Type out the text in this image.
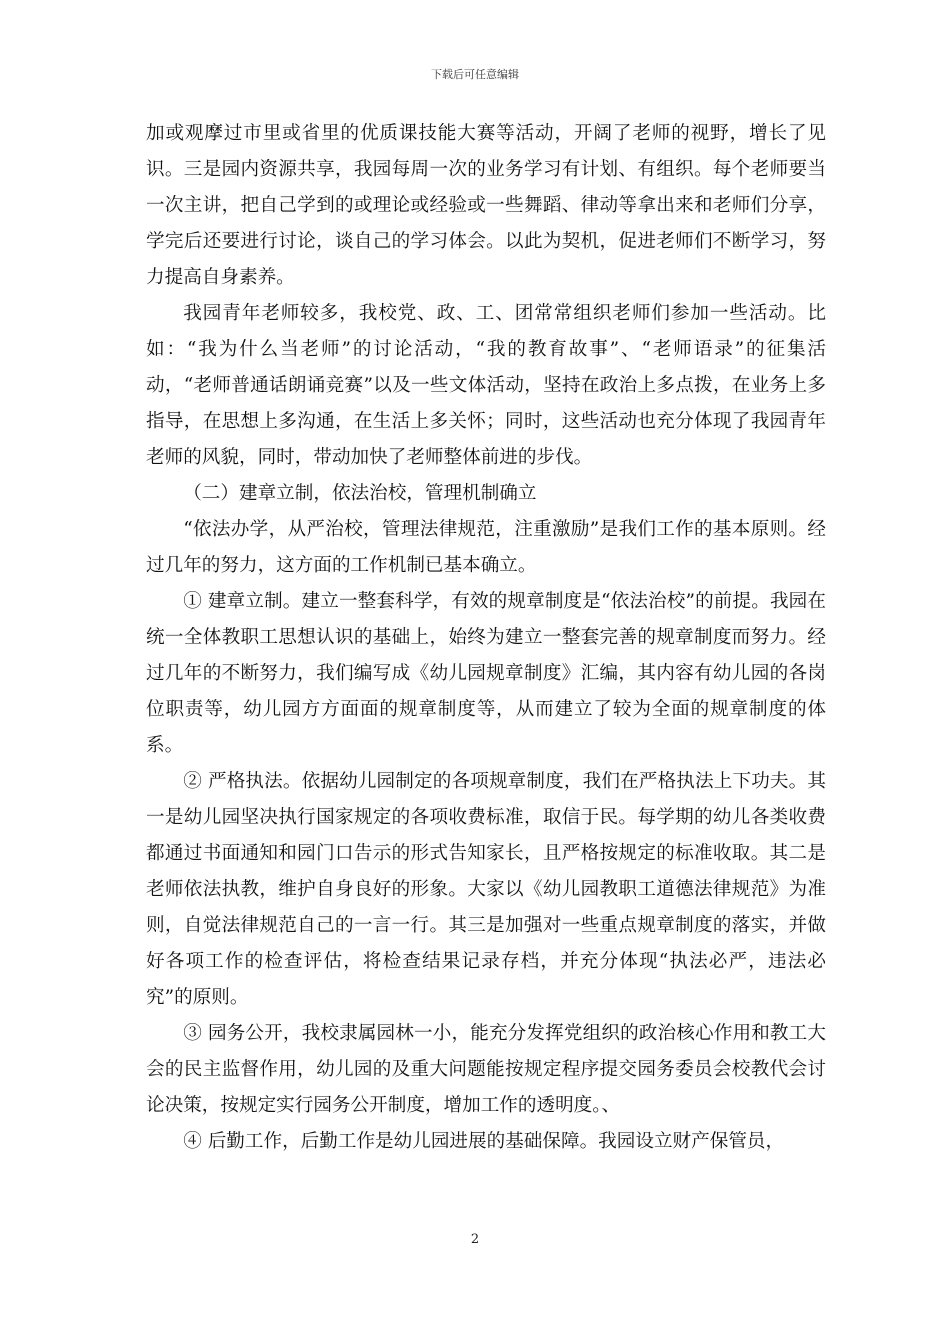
下载后可任意编辑

加或观摩过市里或省里的优质课技能大赛等活动，开阔了老师的视野，增长了见识。三是园内资源共享，我园每周一次的业务学习有计划、有组织。每个老师要当一次主讲，把自己学到的或理论或经验或一些舞蹈、律动等拿出来和老师们分享，学完后还要进行讨论，谈自己的学习体会。以此为契机，促进老师们不断学习，努力提高自身素养。

我园青年老师较多，我校党、政、工、团常常组织老师们参加一些活动。比如：“我为什么当老师”的讨论活动，“我的教育故事”、“老师语录”的征集活动，“老师普通话朗诵竞赛”以及一些文体活动，坚持在政治上多点拨，在业务上多指导，在思想上多沟通，在生活上多关怀；同时，这些活动也充分体现了我园青年老师的风貌，同时，带动加快了老师整体前进的步伐。

（二）建章立制，依法治校，管理机制确立

“依法办学，从严治校，管理法律规范，注重激励”是我们工作的基本原则。经过几年的努力，这方面的工作机制已基本确立。

① 建章立制。建立一整套科学，有效的规章制度是“依法治校”的前提。我园在统一全体教职工思想认识的基础上，始终为建立一整套完善的规章制度而努力。经过几年的不断努力，我们编写成《幼儿园规章制度》汇编，其内容有幼儿园的各岗位职责等，幼儿园方方面面的规章制度等，从而建立了较为全面的规章制度的体系。

② 严格执法。依据幼儿园制定的各项规章制度，我们在严格执法上下功夫。其一是幼儿园坚决执行国家规定的各项收费标准，取信于民。每学期的幼儿各类收费都通过书面通知和园门口告示的形式告知家长，且严格按规定的标准收取。其二是老师依法执教，维护自身良好的形象。大家以《幼儿园教职工道德法律规范》为准则，自觉法律规范自己的一言一行。其三是加强对一些重点规章制度的落实，并做好各项工作的检查评估，将检查结果记录存档，并充分体现“执法必严，违法必究”的原则。

③ 园务公开，我校隶属园林一小，能充分发挥党组织的政治核心作用和教工大会的民主监督作用，幼儿园的及重大问题能按规定程序提交园务委员会校教代会讨论决策，按规定实行园务公开制度，增加工作的透明度。、

④ 后勤工作，后勤工作是幼儿园进展的基础保障。我园设立财产保管员，

2
